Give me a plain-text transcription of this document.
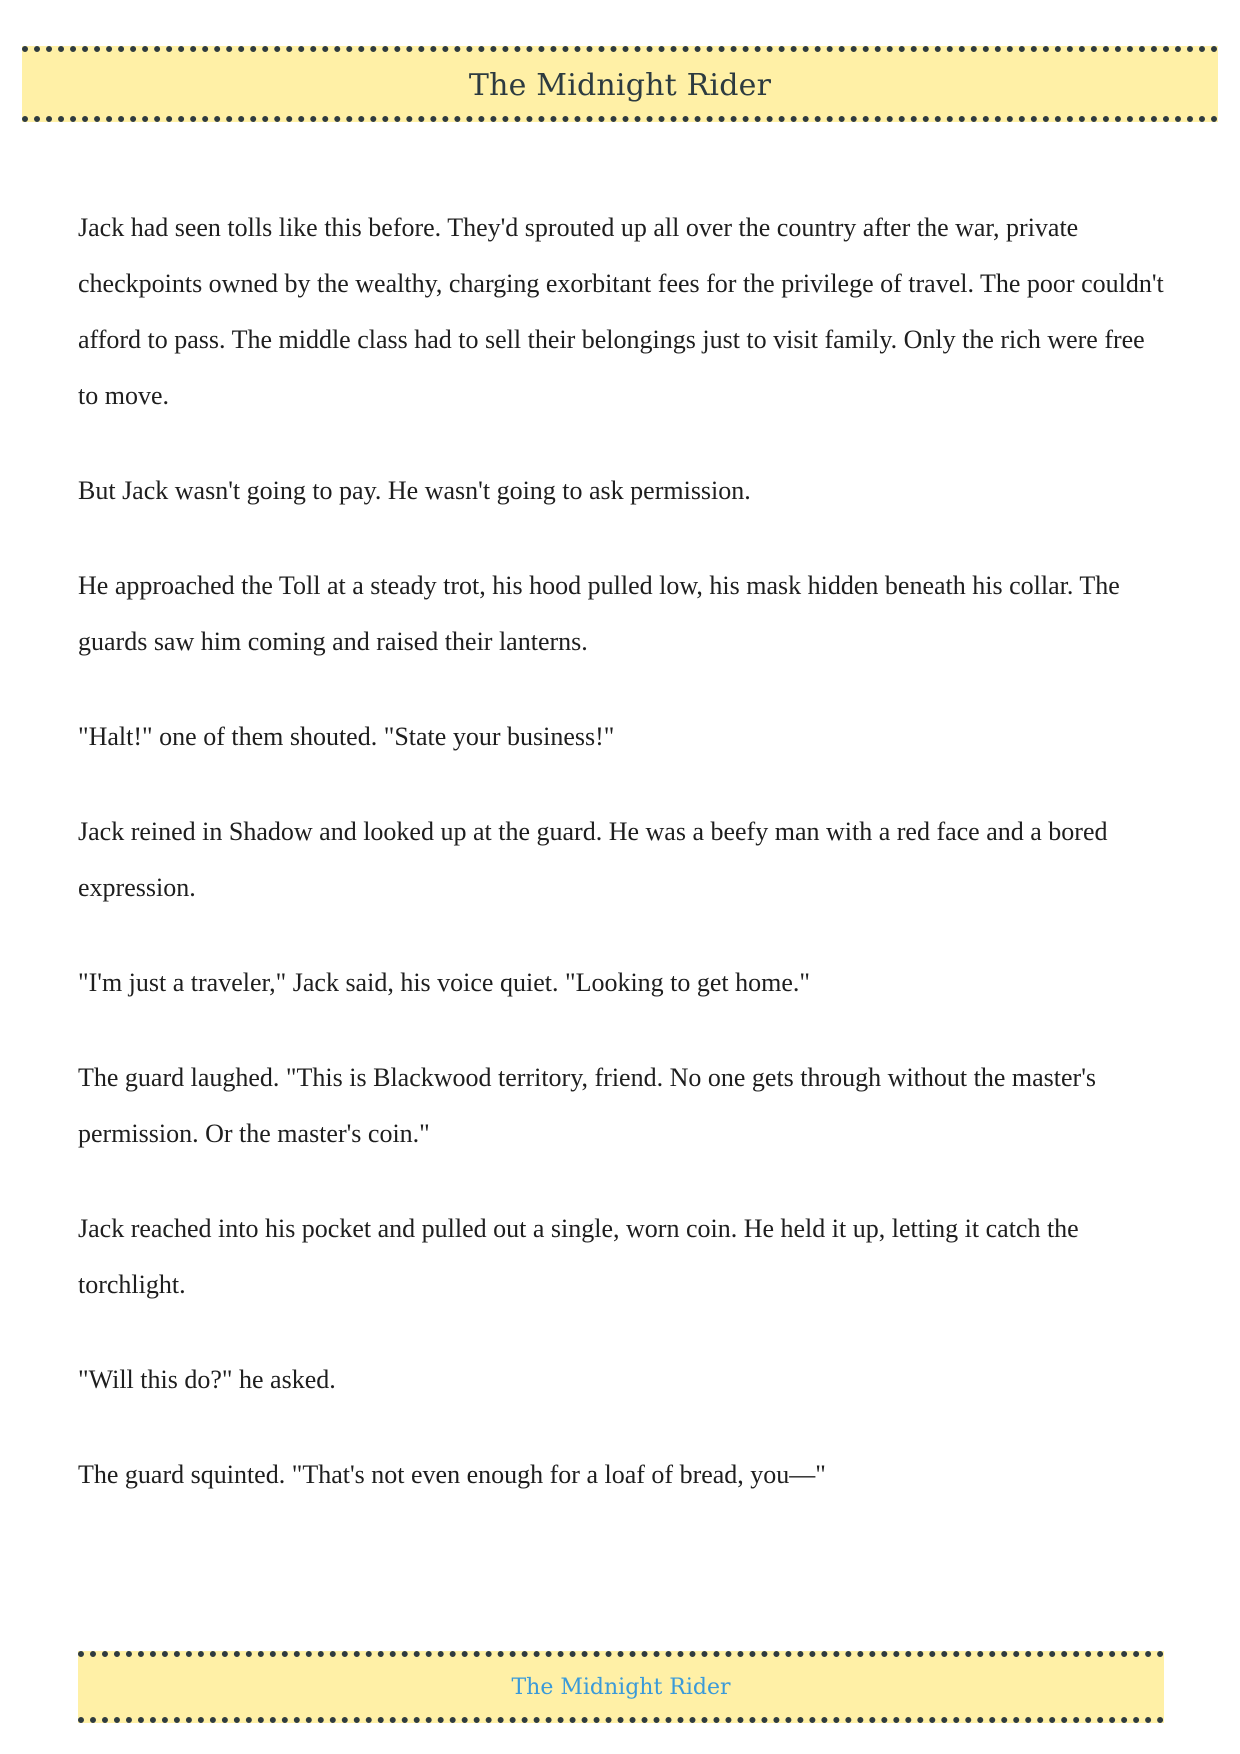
The Midnight Rider

Jack had seen tolls like this before. They'd sprouted up all over the country after the war, private checkpoints owned by the wealthy, charging exorbitant fees for the privilege of travel. The poor couldn't afford to pass. The middle class had to sell their belongings just to visit family. Only the rich were free to move.

But Jack wasn't going to pay. He wasn't going to ask permission.

He approached the Toll at a steady trot, his hood pulled low, his mask hidden beneath his collar. The guards saw him coming and raised their lanterns.

"Halt!" one of them shouted. "State your business!"

Jack reined in Shadow and looked up at the guard. He was a beefy man with a red face and a bored expression.

"I'm just a traveler," Jack said, his voice quiet. "Looking to get home."

The guard laughed. "This is Blackwood territory, friend. No one gets through without the master's permission. Or the master's coin."

Jack reached into his pocket and pulled out a single, worn coin. He held it up, letting it catch the torchlight.

"Will this do?" he asked.

The guard squinted. "That's not even enough for a loaf of bread, you—"

The Midnight Rider
